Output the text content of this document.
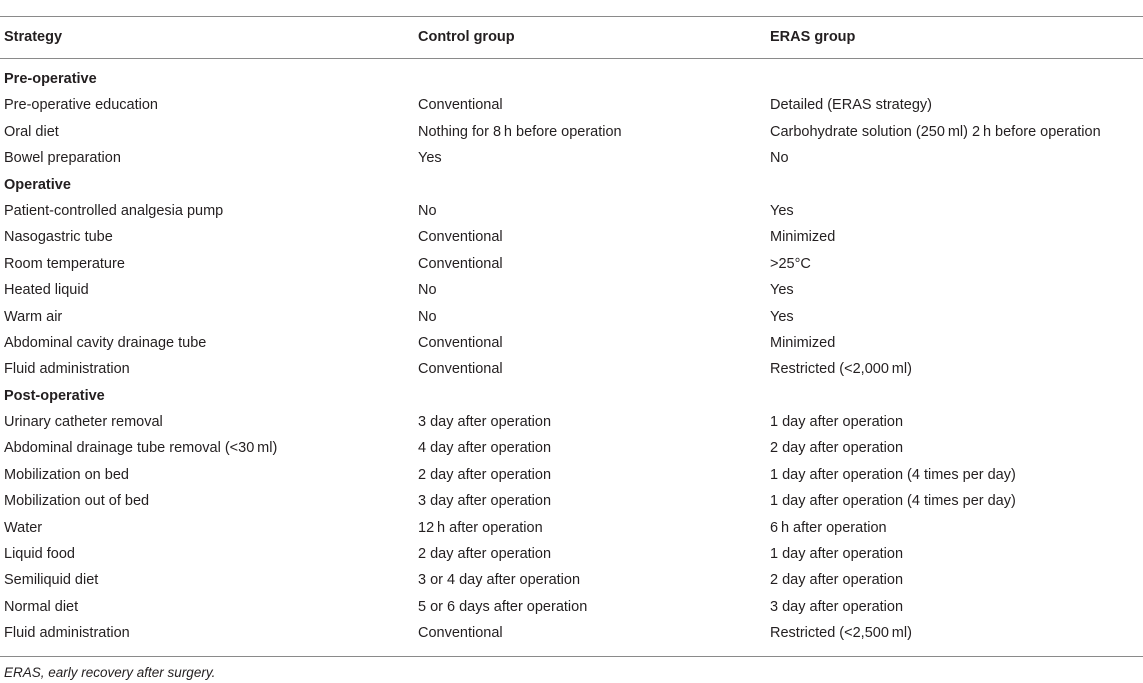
Strategy	Control group	ERAS group
Pre-operative
Pre-operative education	Conventional	Detailed (ERAS strategy)
Oral diet	Nothing for 8 h before operation	Carbohydrate solution (250 ml) 2 h before operation
Bowel preparation	Yes	No
Operative
Patient-controlled analgesia pump	No	Yes
Nasogastric tube	Conventional	Minimized
Room temperature	Conventional	>25°C
Heated liquid	No	Yes
Warm air	No	Yes
Abdominal cavity drainage tube	Conventional	Minimized
Fluid administration	Conventional	Restricted (<2,000 ml)
Post-operative
Urinary catheter removal	3 day after operation	1 day after operation
Abdominal drainage tube removal (<30 ml)	4 day after operation	2 day after operation
Mobilization on bed	2 day after operation	1 day after operation (4 times per day)
Mobilization out of bed	3 day after operation	1 day after operation (4 times per day)
Water	12 h after operation	6 h after operation
Liquid food	2 day after operation	1 day after operation
Semiliquid diet	3 or 4 day after operation	2 day after operation
Normal diet	5 or 6 days after operation	3 day after operation
Fluid administration	Conventional	Restricted (<2,500 ml)
ERAS, early recovery after surgery.
